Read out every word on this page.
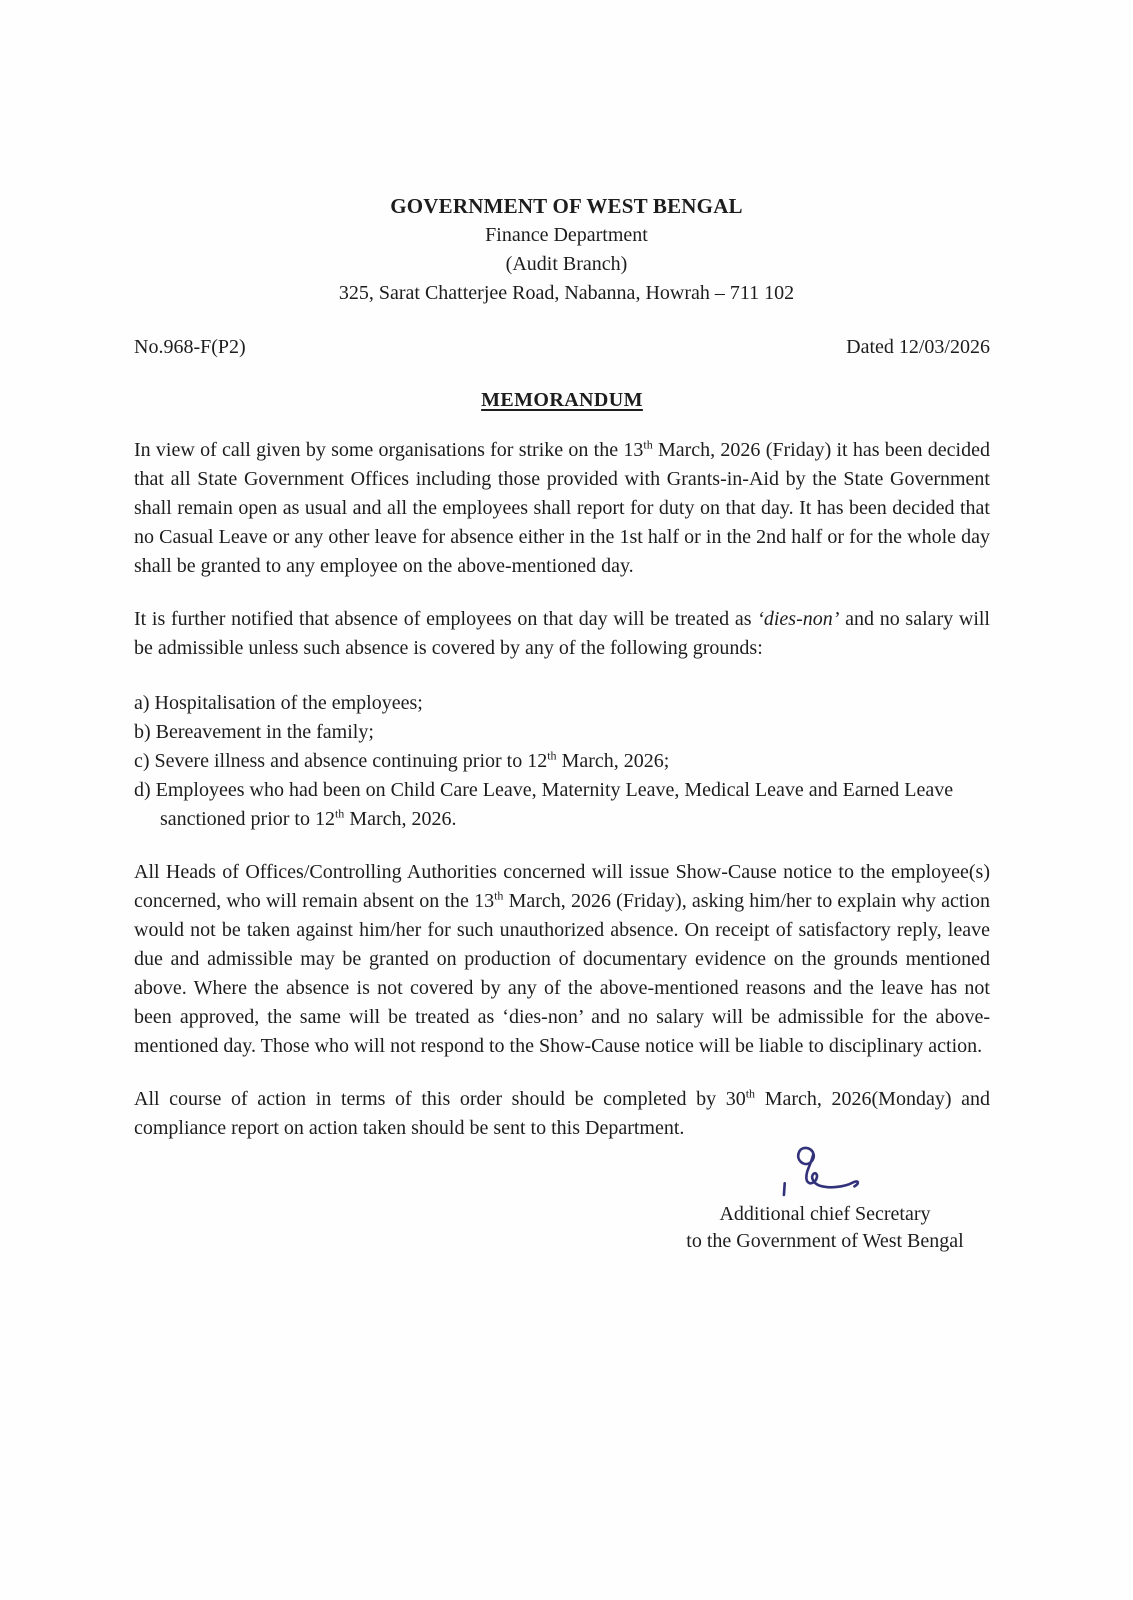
GOVERNMENT OF WEST BENGAL
Finance Department
(Audit Branch)
325, Sarat Chatterjee Road, Nabanna, Howrah – 711 102
No.968-F(P2)	Dated 12/03/2026
MEMORANDUM

In view of call given by some organisations for strike on the 13th March, 2026 (Friday) it has been decided that all State Government Offices including those provided with Grants-in-Aid by the State Government shall remain open as usual and all the employees shall report for duty on that day. It has been decided that no Casual Leave or any other leave for absence either in the 1st half or in the 2nd half or for the whole day shall be granted to any employee on the above-mentioned day.

It is further notified that absence of employees on that day will be treated as ‘dies-non’ and no salary will be admissible unless such absence is covered by any of the following grounds:

a) Hospitalisation of the employees;
b) Bereavement in the family;
c) Severe illness and absence continuing prior to 12th March, 2026;
d) Employees who had been on Child Care Leave, Maternity Leave, Medical Leave and Earned Leave sanctioned prior to 12th March, 2026.

All Heads of Offices/Controlling Authorities concerned will issue Show-Cause notice to the employee(s) concerned, who will remain absent on the 13th March, 2026 (Friday), asking him/her to explain why action would not be taken against him/her for such unauthorized absence. On receipt of satisfactory reply, leave due and admissible may be granted on production of documentary evidence on the grounds mentioned above. Where the absence is not covered by any of the above-mentioned reasons and the leave has not been approved, the same will be treated as ‘dies-non’ and no salary will be admissible for the above-mentioned day. Those who will not respond to the Show-Cause notice will be liable to disciplinary action.

All course of action in terms of this order should be completed by 30th March, 2026(Monday) and compliance report on action taken should be sent to this Department.

Additional chief Secretary
to the Government of West Bengal
